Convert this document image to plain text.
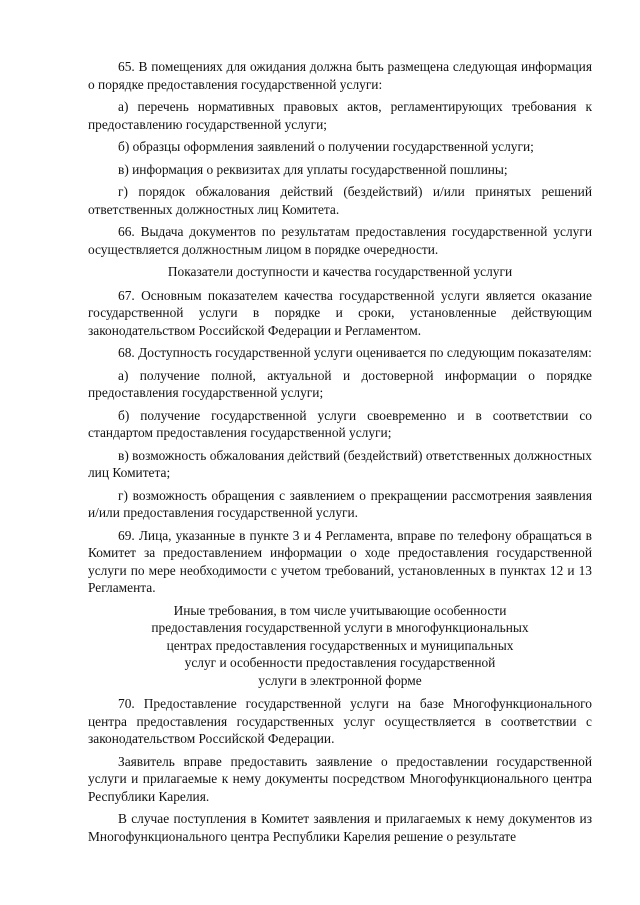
65. В помещениях для ожидания должна быть размещена следующая информация о порядке предоставления государственной услуги:

а) перечень нормативных правовых актов, регламентирующих требования к предоставлению государственной услуги;

б) образцы оформления заявлений о получении государственной услуги;

в) информация о реквизитах для уплаты государственной пошлины;

г) порядок обжалования действий (бездействий) и/или принятых решений ответственных должностных лиц Комитета.

66. Выдача документов по результатам предоставления государственной услуги осуществляется должностным лицом в порядке очередности.

Показатели доступности и качества государственной услуги

67. Основным показателем качества государственной услуги является оказание государственной услуги в порядке и сроки, установленные действующим законодательством Российской Федерации и Регламентом.

68. Доступность государственной услуги оценивается по следующим показателям:

а) получение полной, актуальной и достоверной информации о порядке предоставления государственной услуги;

б) получение государственной услуги своевременно и в соответствии со стандартом предоставления государственной услуги;

в) возможность обжалования действий (бездействий) ответственных должностных лиц Комитета;

г) возможность обращения с заявлением о прекращении рассмотрения заявления и/или предоставления государственной услуги.

69. Лица, указанные в пункте 3 и 4 Регламента, вправе по телефону обращаться в Комитет за предоставлением информации о ходе предоставления государственной услуги по мере необходимости с учетом требований, установленных в пунктах 12 и 13 Регламента.

Иные требования, в том числе учитывающие особенности
предоставления государственной услуги в многофункциональных
центрах предоставления государственных и муниципальных
услуг и особенности предоставления государственной
услуги в электронной форме

70. Предоставление государственной услуги на базе Многофункционального центра предоставления государственных услуг осуществляется в соответствии с законодательством Российской Федерации.

Заявитель вправе предоставить заявление о предоставлении государственной услуги и прилагаемые к нему документы посредством Многофункционального центра Республики Карелия.

В случае поступления в Комитет заявления и прилагаемых к нему документов из Многофункционального центра Республики Карелия решение о результате
